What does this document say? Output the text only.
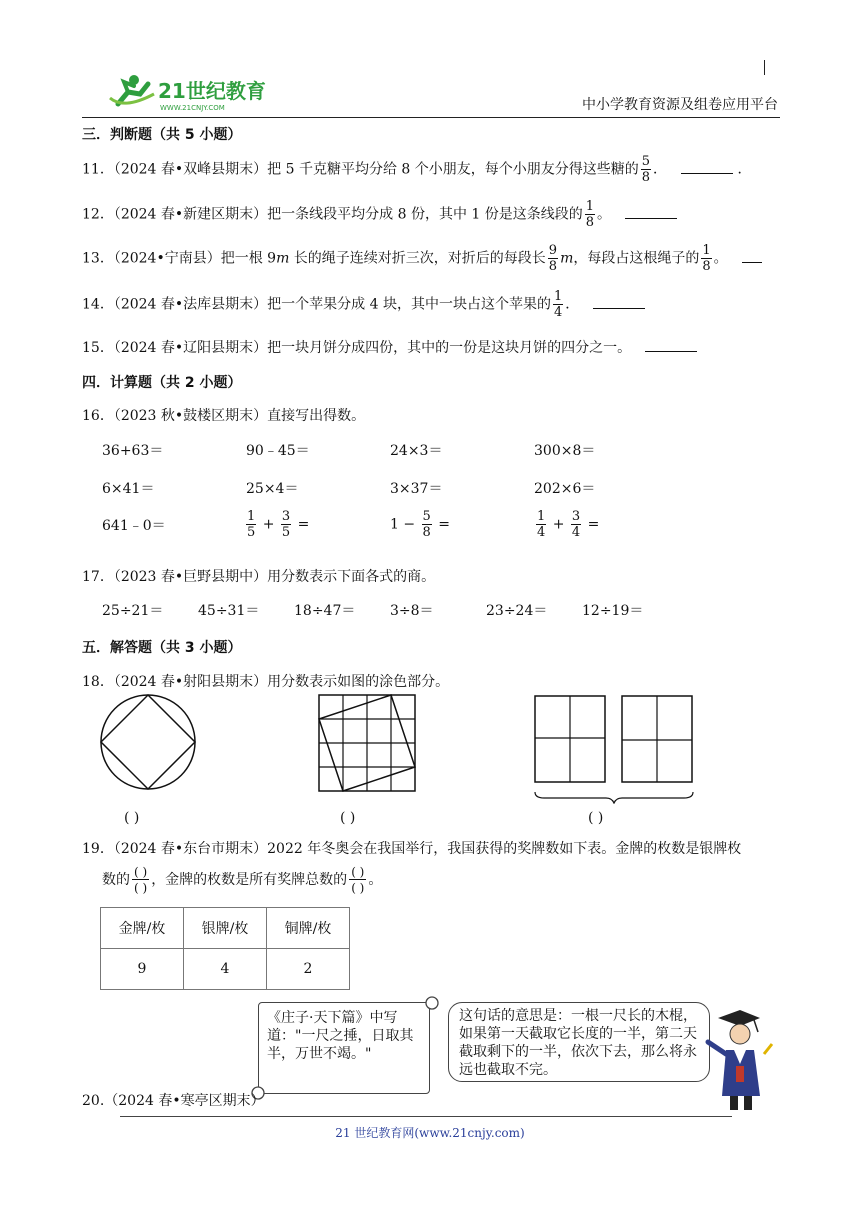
21世纪教育
WWW.21CNJY.COM	中小学教育资源及组卷应用平台
三．判断题（共 5 小题）
11．（2024 春•双峰县期末）把 5 千克糖平均分给 8 个小朋友，每个小朋友分得这些糖的 $\frac{5}{8}$ ．	．
12．（2024 春•新建区期末）把一条线段平均分成 8 份，其中 1 份是这条线段的 $\frac{1}{8}$ 。
13．（2024•宁南县）把一根 9m 长的绳子连续对折三次，对折后的每段长 $\frac{9}{8}$ m，每段占这根绳子的 $\frac{1}{8}$ 。
14．（2024 春•法库县期末）把一个苹果分成 4 块，其中一块占这个苹果的 $\frac{1}{4}$ ．
15．（2024 春•辽阳县期末）把一块月饼分成四份，其中的一份是这块月饼的四分之一。
四．计算题（共 2 小题）
16．（2023 秋•鼓楼区期末）直接写出得数。
36+63＝	90﹣45＝	24×3＝	300×8＝
6×41＝	25×4＝	3×37＝	202×6＝
641﹣0＝	$\frac{1}{5} + \frac{3}{5}$ =	$1 - \frac{5}{8}$ =	$\frac{1}{4} + \frac{3}{4}$ =
17．（2023 春•巨野县期中）用分数表示下面各式的商。
25÷21＝ 45÷31＝ 18÷47＝ 3÷8＝	23÷24＝ 12÷19＝
五．解答题（共 3 小题）
18．（2024 春•射阳县期末）用分数表示如图的涂色部分。
( )	( )	( )
19．（2024 春•东台市期末）2022 年冬奥会在我国举行，我国获得的奖牌数如下表。金牌的枚数是银牌枚
数的 ( )
( ) ，金牌的枚数是所有奖牌总数的 ( )
( ) 。
金牌/枚	银牌/枚	铜牌/枚
9	4	2
《庄子·天下篇》中写道："一尺之捶，日取其半，万世不竭。"
这句话的意思是：一根一尺长的木棍，如果第一天截取它长度的一半，第二天截取剩下的一半，依次下去，那么将永远也截取不完。
20.（2024 春•寒亭区期末）
21 世纪教育网(www.21cnjy.com)
